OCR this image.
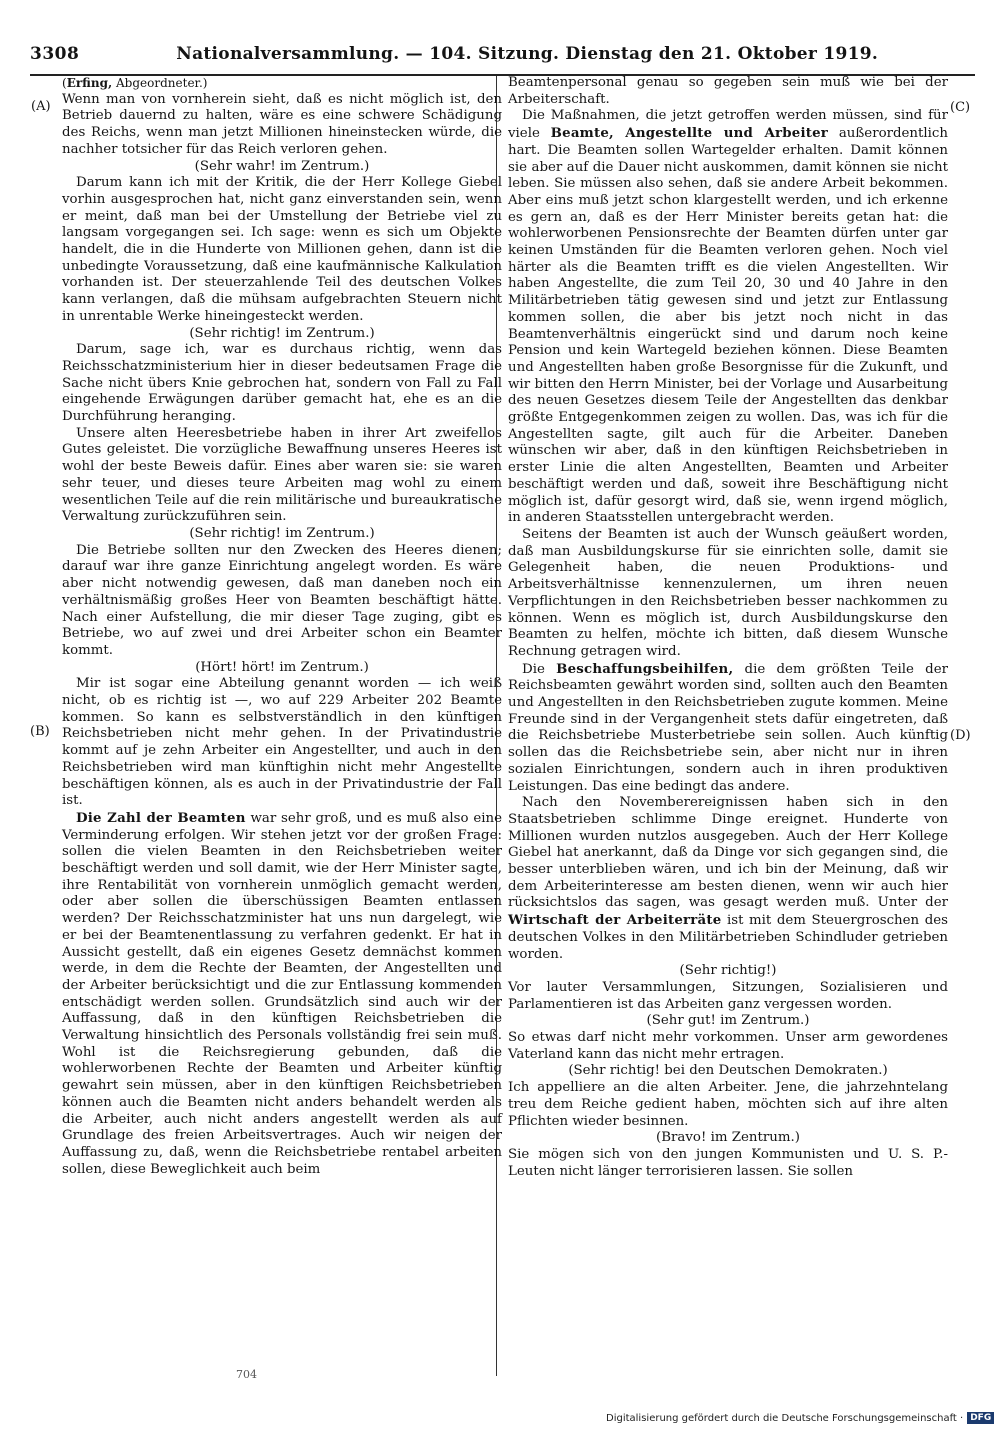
3308	Nationalversammlung. — 104. Sitzung. Dienstag den 21. Oktober 1919.
(A)
(B)
(C)
(D)

(Erfing, Abgeordneter.)

Wenn man von vornherein sieht, daß es nicht möglich ist, den Betrieb dauernd zu halten, wäre es eine schwere Schädigung des Reichs, wenn man jetzt Millionen hineinstecken würde, die nachher totsicher für das Reich verloren gehen.

(Sehr wahr! im Zentrum.)

Darum kann ich mit der Kritik, die der Herr Kollege Giebel vorhin ausgesprochen hat, nicht ganz einverstanden sein, wenn er meint, daß man bei der Umstellung der Betriebe viel zu langsam vorgegangen sei. Ich sage: wenn es sich um Objekte handelt, die in die Hunderte von Millionen gehen, dann ist die unbedingte Voraussetzung, daß eine kaufmännische Kalkulation vorhanden ist. Der steuerzahlende Teil des deutschen Volkes kann verlangen, daß die mühsam aufgebrachten Steuern nicht in unrentable Werke hineingesteckt werden.

(Sehr richtig! im Zentrum.)

Darum, sage ich, war es durchaus richtig, wenn das Reichsschatzministerium hier in dieser bedeutsamen Frage die Sache nicht übers Knie gebrochen hat, sondern von Fall zu Fall eingehende Erwägungen darüber gemacht hat, ehe es an die Durchführung heranging.

Unsere alten Heeresbetriebe haben in ihrer Art zweifellos Gutes geleistet. Die vorzügliche Bewaffnung unseres Heeres ist wohl der beste Beweis dafür. Eines aber waren sie: sie waren sehr teuer, und dieses teure Arbeiten mag wohl zu einem wesentlichen Teile auf die rein militärische und bureaukratische Verwaltung zurückzuführen sein.

(Sehr richtig! im Zentrum.)

Die Betriebe sollten nur den Zwecken des Heeres dienen; darauf war ihre ganze Einrichtung angelegt worden. Es wäre aber nicht notwendig gewesen, daß man daneben noch ein verhältnismäßig großes Heer von Beamten beschäftigt hätte. Nach einer Aufstellung, die mir dieser Tage zuging, gibt es Betriebe, wo auf zwei und drei Arbeiter schon ein Beamter kommt.

(Hört! hört! im Zentrum.)

Mir ist sogar eine Abteilung genannt worden — ich weiß nicht, ob es richtig ist —, wo auf 229 Arbeiter 202 Beamte kommen. So kann es selbstverständlich in den künftigen Reichsbetrieben nicht mehr gehen. In der Privatindustrie kommt auf je zehn Arbeiter ein Angestellter, und auch in den Reichsbetrieben wird man künftighin nicht mehr Angestellte beschäftigen können, als es auch in der Privatindustrie der Fall ist.

Die Zahl der Beamten war sehr groß, und es muß also eine Verminderung erfolgen. Wir stehen jetzt vor der großen Frage: sollen die vielen Beamten in den Reichsbetrieben weiter beschäftigt werden und soll damit, wie der Herr Minister sagte, ihre Rentabilität von vornherein unmöglich gemacht werden, oder aber sollen die überschüssigen Beamten entlassen werden? Der Reichsschatzminister hat uns nun dargelegt, wie er bei der Beamtenentlassung zu verfahren gedenkt. Er hat in Aussicht gestellt, daß ein eigenes Gesetz demnächst kommen werde, in dem die Rechte der Beamten, der Angestellten und der Arbeiter berücksichtigt und die zur Entlassung kommenden entschädigt werden sollen. Grundsätzlich sind auch wir der Auffassung, daß in den künftigen Reichsbetrieben die Verwaltung hinsichtlich des Personals vollständig frei sein muß. Wohl ist die Reichsregierung gebunden, daß die wohlerworbenen Rechte der Beamten und Arbeiter künftig gewahrt sein müssen, aber in den künftigen Reichsbetrieben können auch die Beamten nicht anders behandelt werden als die Arbeiter, auch nicht anders angestellt werden als auf Grundlage des freien Arbeitsvertrages. Auch wir neigen der Auffassung zu, daß, wenn die Reichsbetriebe rentabel arbeiten sollen, diese Beweglichkeit auch beim

Beamtenpersonal genau so gegeben sein muß wie bei der Arbeiterschaft.

Die Maßnahmen, die jetzt getroffen werden müssen, sind für viele Beamte, Angestellte und Arbeiter außerordentlich hart. Die Beamten sollen Wartegelder erhalten. Damit können sie aber auf die Dauer nicht auskommen, damit können sie nicht leben. Sie müssen also sehen, daß sie andere Arbeit bekommen. Aber eins muß jetzt schon klargestellt werden, und ich erkenne es gern an, daß es der Herr Minister bereits getan hat: die wohlerworbenen Pensionsrechte der Beamten dürfen unter gar keinen Umständen für die Beamten verloren gehen. Noch viel härter als die Beamten trifft es die vielen Angestellten. Wir haben Angestellte, die zum Teil 20, 30 und 40 Jahre in den Militärbetrieben tätig gewesen sind und jetzt zur Entlassung kommen sollen, die aber bis jetzt noch nicht in das Beamtenverhältnis eingerückt sind und darum noch keine Pension und kein Wartegeld beziehen können. Diese Beamten und Angestellten haben große Besorgnisse für die Zukunft, und wir bitten den Herrn Minister, bei der Vorlage und Ausarbeitung des neuen Gesetzes diesem Teile der Angestellten das denkbar größte Entgegenkommen zeigen zu wollen. Das, was ich für die Angestellten sagte, gilt auch für die Arbeiter. Daneben wünschen wir aber, daß in den künftigen Reichsbetrieben in erster Linie die alten Angestellten, Beamten und Arbeiter beschäftigt werden und daß, soweit ihre Beschäftigung nicht möglich ist, dafür gesorgt wird, daß sie, wenn irgend möglich, in anderen Staatsstellen untergebracht werden.

Seitens der Beamten ist auch der Wunsch geäußert worden, daß man Ausbildungskurse für sie einrichten solle, damit sie Gelegenheit haben, die neuen Produktions- und Arbeitsverhältnisse kennenzulernen, um ihren neuen Verpflichtungen in den Reichsbetrieben besser nachkommen zu können. Wenn es möglich ist, durch Ausbildungskurse den Beamten zu helfen, möchte ich bitten, daß diesem Wunsche Rechnung getragen wird.

Die Beschaffungsbeihilfen, die dem größten Teile der Reichsbeamten gewährt worden sind, sollten auch den Beamten und Angestellten in den Reichsbetrieben zugute kommen. Meine Freunde sind in der Vergangenheit stets dafür eingetreten, daß die Reichsbetriebe Musterbetriebe sein sollen. Auch künftig sollen das die Reichsbetriebe sein, aber nicht nur in ihren sozialen Einrichtungen, sondern auch in ihren produktiven Leistungen. Das eine bedingt das andere.

Nach den Novemberereignissen haben sich in den Staatsbetrieben schlimme Dinge ereignet. Hunderte von Millionen wurden nutzlos ausgegeben. Auch der Herr Kollege Giebel hat anerkannt, daß da Dinge vor sich gegangen sind, die besser unterblieben wären, und ich bin der Meinung, daß wir dem Arbeiterinteresse am besten dienen, wenn wir auch hier rücksichtslos das sagen, was gesagt werden muß. Unter der Wirtschaft der Arbeiterräte ist mit dem Steuergroschen des deutschen Volkes in den Militärbetrieben Schindluder getrieben worden.

(Sehr richtig!)

Vor lauter Versammlungen, Sitzungen, Sozialisieren und Parlamentieren ist das Arbeiten ganz vergessen worden.

(Sehr gut! im Zentrum.)

So etwas darf nicht mehr vorkommen. Unser arm gewordenes Vaterland kann das nicht mehr ertragen.

(Sehr richtig! bei den Deutschen Demokraten.)

Ich appelliere an die alten Arbeiter. Jene, die jahrzehntelang treu dem Reiche gedient haben, möchten sich auf ihre alten Pflichten wieder besinnen.

(Bravo! im Zentrum.)

Sie mögen sich von den jungen Kommunisten und U. S. P.-Leuten nicht länger terrorisieren lassen. Sie sollen

704
Digitalisierung gefördert durch die Deutsche Forschungsgemeinschaft · DFG
